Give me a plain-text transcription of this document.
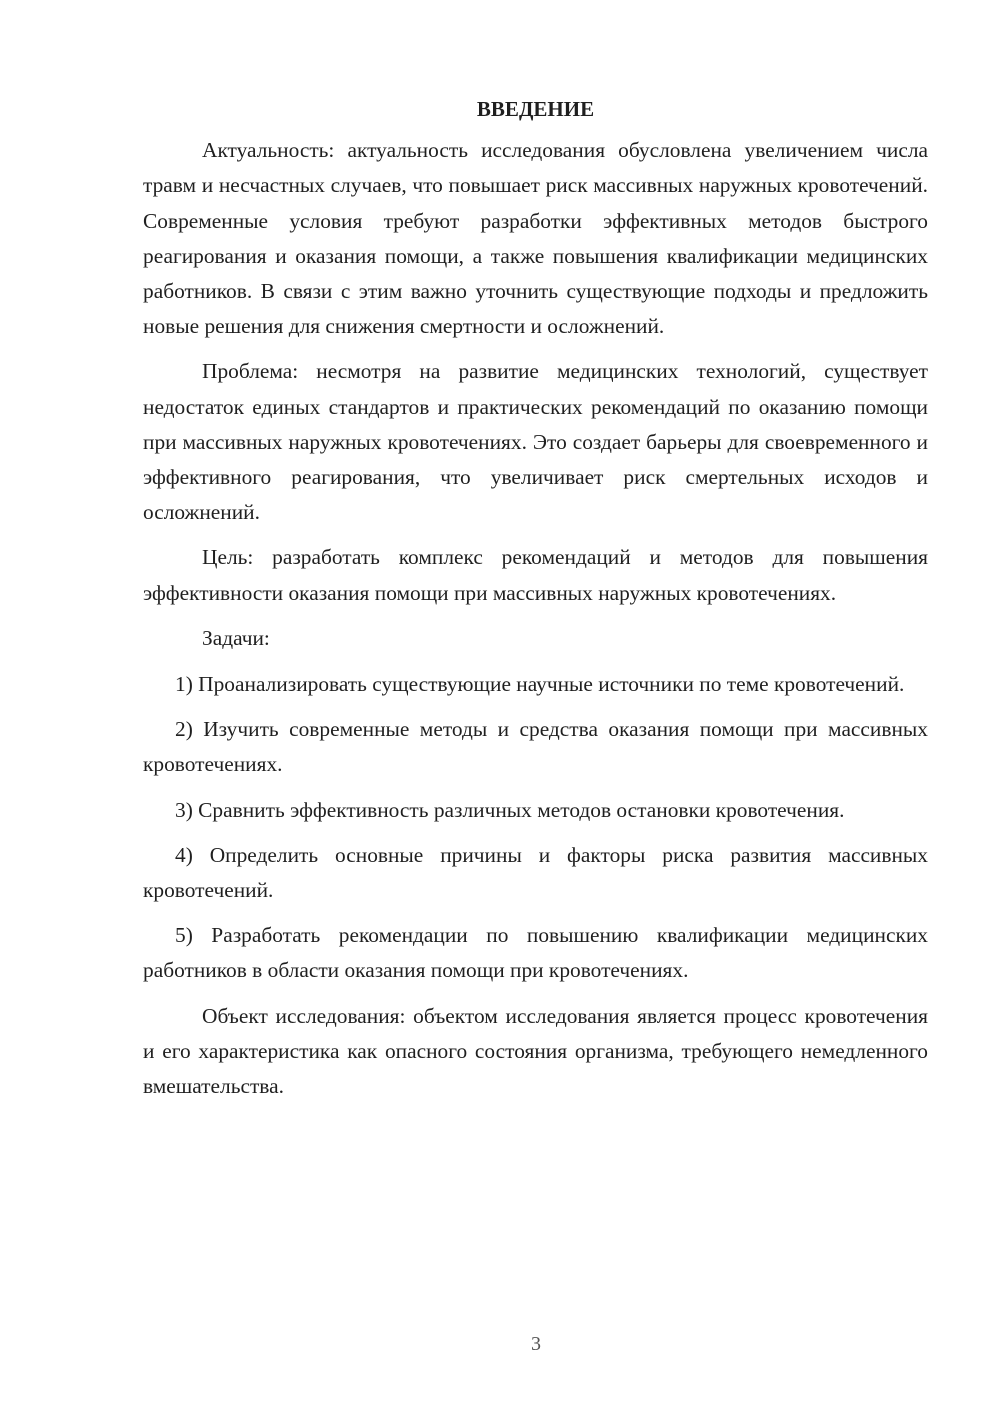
ВВЕДЕНИЕ

Актуальность: актуальность исследования обусловлена увеличением числа травм и несчастных случаев, что повышает риск массивных наружных кровотечений. Современные условия требуют разработки эффективных методов быстрого реагирования и оказания помощи, а также повышения квалификации медицинских работников. В связи с этим важно уточнить существующие подходы и предложить новые решения для снижения смертности и осложнений.

Проблема: несмотря на развитие медицинских технологий, существует недостаток единых стандартов и практических рекомендаций по оказанию помощи при массивных наружных кровотечениях. Это создает барьеры для своевременного и эффективного реагирования, что увеличивает риск смертельных исходов и осложнений.

Цель: разработать комплекс рекомендаций и методов для повышения эффективности оказания помощи при массивных наружных кровотечениях.

Задачи:

1) Проанализировать существующие научные источники по теме кровотечений.

2) Изучить современные методы и средства оказания помощи при массивных кровотечениях.

3) Сравнить эффективность различных методов остановки кровотечения.

4) Определить основные причины и факторы риска развития массивных кровотечений.

5) Разработать рекомендации по повышению квалификации медицинских работников в области оказания помощи при кровотечениях.

Объект исследования: объектом исследования является процесс кровотечения и его характеристика как опасного состояния организма, требующего немедленного вмешательства.

3
